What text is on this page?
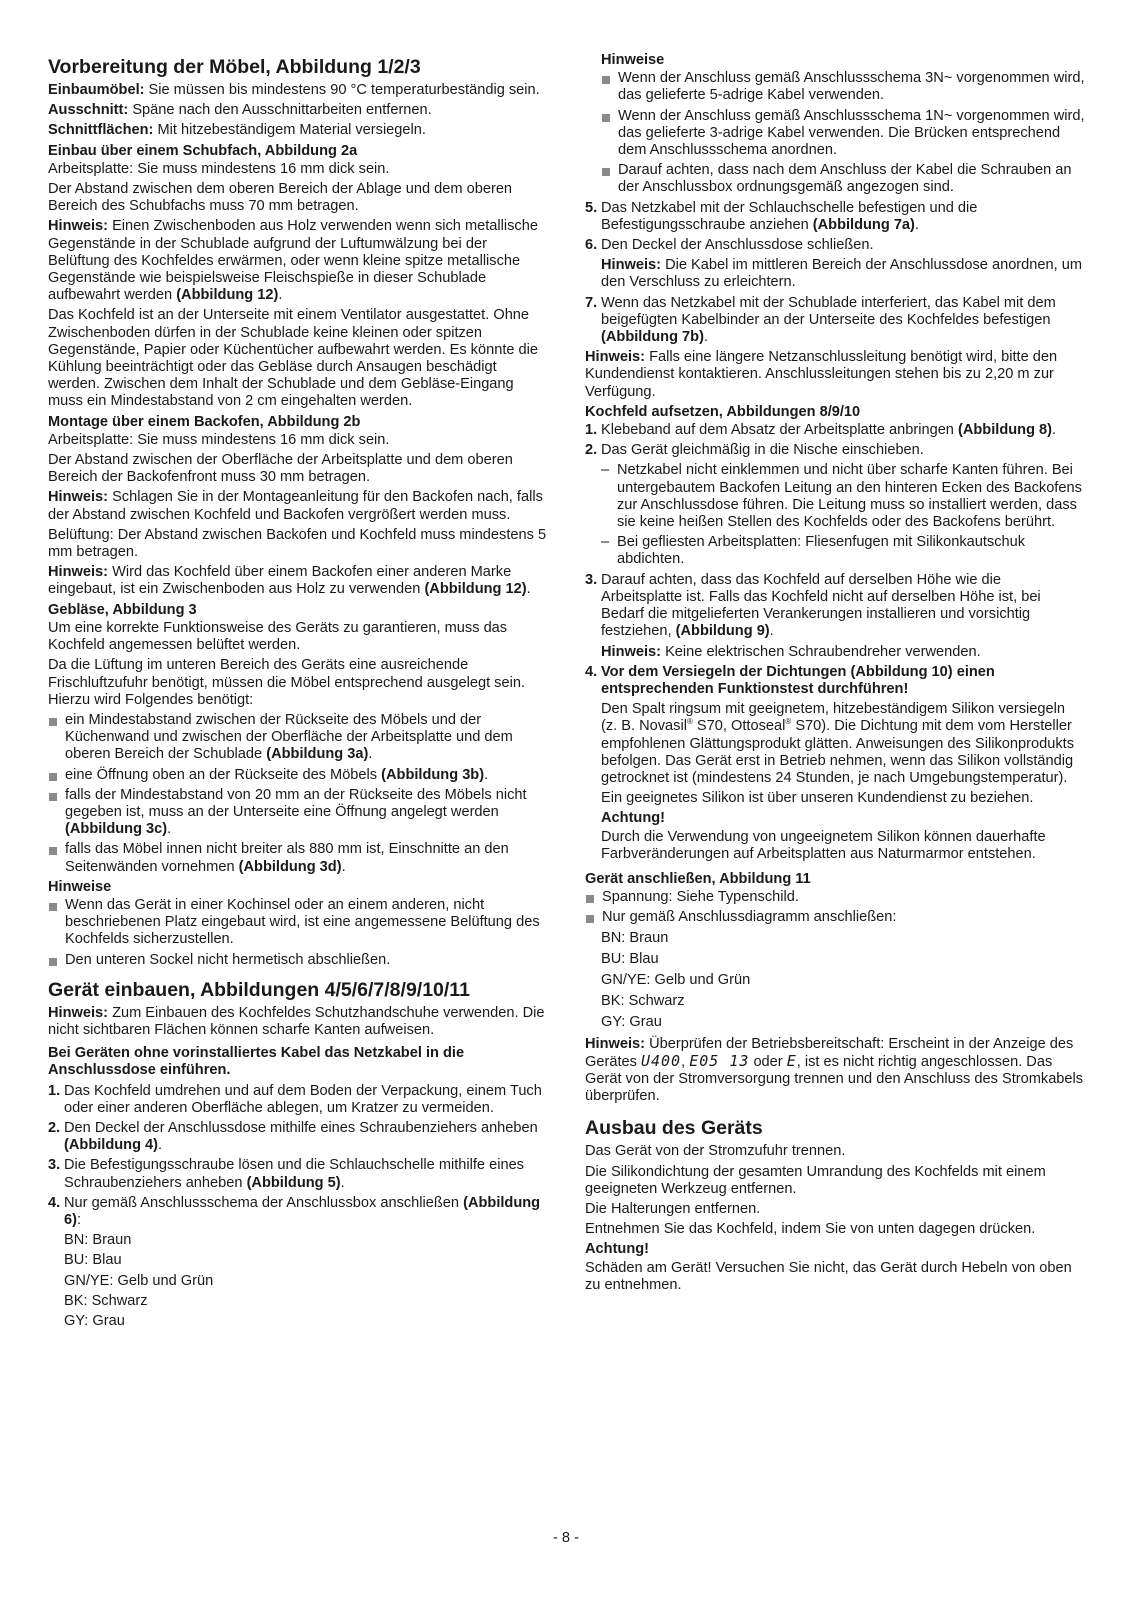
Vorbereitung der Möbel, Abbildung 1/2/3

Einbaumöbel: Sie müssen bis mindestens 90 °C temperaturbeständig sein.

Ausschnitt: Späne nach den Ausschnittarbeiten entfernen.

Schnittflächen: Mit hitzebeständigem Material versiegeln.

Einbau über einem Schubfach, Abbildung 2a

Arbeitsplatte: Sie muss mindestens 16 mm dick sein.

Der Abstand zwischen dem oberen Bereich der Ablage und dem oberen Bereich des Schubfachs muss 70 mm betragen.

Hinweis: Einen Zwischenboden aus Holz verwenden wenn sich metallische Gegenstände in der Schublade aufgrund der Luftumwälzung bei der Belüftung des Kochfeldes erwärmen, oder wenn kleine spitze metallische Gegenstände wie beispielsweise Fleischspieße in dieser Schublade aufbewahrt werden (Abbildung 12).

Das Kochfeld ist an der Unterseite mit einem Ventilator ausgestattet. Ohne Zwischenboden dürfen in der Schublade keine kleinen oder spitzen Gegenstände, Papier oder Küchentücher aufbewahrt werden. Es könnte die Kühlung beeinträchtigt oder das Gebläse durch Ansaugen beschädigt werden. Zwischen dem Inhalt der Schublade und dem Gebläse-Eingang muss ein Mindestabstand von 2 cm eingehalten werden.

Montage über einem Backofen, Abbildung 2b

Arbeitsplatte: Sie muss mindestens 16 mm dick sein.

Der Abstand zwischen der Oberfläche der Arbeitsplatte und dem oberen Bereich der Backofenfront muss 30 mm betragen.

Hinweis: Schlagen Sie in der Montageanleitung für den Backofen nach, falls der Abstand zwischen Kochfeld und Backofen vergrößert werden muss.

Belüftung: Der Abstand zwischen Backofen und Kochfeld muss mindestens 5 mm betragen.

Hinweis: Wird das Kochfeld über einem Backofen einer anderen Marke eingebaut, ist ein Zwischenboden aus Holz zu verwenden (Abbildung 12).

Gebläse, Abbildung 3

Um eine korrekte Funktionsweise des Geräts zu garantieren, muss das Kochfeld angemessen belüftet werden.

Da die Lüftung im unteren Bereich des Geräts eine ausreichende Frischluftzufuhr benötigt, müssen die Möbel entsprechend ausgelegt sein. Hierzu wird Folgendes benötigt:

ein Mindestabstand zwischen der Rückseite des Möbels und der Küchenwand und zwischen der Oberfläche der Arbeitsplatte und dem oberen Bereich der Schublade (Abbildung 3a).
eine Öffnung oben an der Rückseite des Möbels (Abbildung 3b).
falls der Mindestabstand von 20 mm an der Rückseite des Möbels nicht gegeben ist, muss an der Unterseite eine Öffnung angelegt werden (Abbildung 3c).
falls das Möbel innen nicht breiter als 880 mm ist, Einschnitte an den Seitenwänden vornehmen (Abbildung 3d).
Hinweise
Wenn das Gerät in einer Kochinsel oder an einem anderen, nicht beschriebenen Platz eingebaut wird, ist eine angemessene Belüftung des Kochfelds sicherzustellen.
Den unteren Sockel nicht hermetisch abschließen.
Gerät einbauen, Abbildungen 4/5/6/7/8/9/10/11

Hinweis: Zum Einbauen des Kochfeldes Schutzhandschuhe verwenden. Die nicht sichtbaren Flächen können scharfe Kanten aufweisen.

Bei Geräten ohne vorinstalliertes Kabel das Netzkabel in die Anschlussdose einführen.

1. Das Kochfeld umdrehen und auf dem Boden der Verpackung, einem Tuch oder einer anderen Oberfläche ablegen, um Kratzer zu vermeiden.
2. Den Deckel der Anschlussdose mithilfe eines Schraubenziehers anheben (Abbildung 4).
3. Die Befestigungsschraube lösen und die Schlauchschelle mithilfe eines Schraubenziehers anheben (Abbildung 5).
4. Nur gemäß Anschlussschema der Anschlussbox anschließen (Abbildung 6):

BN: Braun

BU: Blau

GN/YE: Gelb und Grün

BK: Schwarz

GY: Grau

Hinweise
Wenn der Anschluss gemäß Anschlussschema 3N~ vorgenommen wird, das gelieferte 5-adrige Kabel verwenden.
Wenn der Anschluss gemäß Anschlussschema 1N~ vorgenommen wird, das gelieferte 3-adrige Kabel verwenden. Die Brücken entsprechend dem Anschlussschema anordnen.
Darauf achten, dass nach dem Anschluss der Kabel die Schrauben an der Anschlussbox ordnungsgemäß angezogen sind.
5. Das Netzkabel mit der Schlauchschelle befestigen und die Befestigungsschraube anziehen (Abbildung 7a).
6. Den Deckel der Anschlussdose schließen.

Hinweis: Die Kabel im mittleren Bereich der Anschlussdose anordnen, um den Verschluss zu erleichtern.

7. Wenn das Netzkabel mit der Schublade interferiert, das Kabel mit dem beigefügten Kabelbinder an der Unterseite des Kochfeldes befestigen (Abbildung 7b).

Hinweis: Falls eine längere Netzanschlussleitung benötigt wird, bitte den Kundendienst kontaktieren. Anschlussleitungen stehen bis zu 2,20 m zur Verfügung.

Kochfeld aufsetzen, Abbildungen 8/9/10
1. Klebeband auf dem Absatz der Arbeitsplatte anbringen (Abbildung 8).
2. Das Gerät gleichmäßig in die Nische einschieben.
– Netzkabel nicht einklemmen und nicht über scharfe Kanten führen. Bei untergebautem Backofen Leitung an den hinteren Ecken des Backofens zur Anschlussdose führen. Die Leitung muss so installiert werden, dass sie keine heißen Stellen des Kochfelds oder des Backofens berührt.
– Bei gefliesten Arbeitsplatten: Fliesenfugen mit Silikonkautschuk abdichten.
3. Darauf achten, dass das Kochfeld auf derselben Höhe wie die Arbeitsplatte ist. Falls das Kochfeld nicht auf derselben Höhe ist, bei Bedarf die mitgelieferten Verankerungen installieren und vorsichtig festziehen, (Abbildung 9).

Hinweis: Keine elektrischen Schraubendreher verwenden.

4. Vor dem Versiegeln der Dichtungen (Abbildung 10) einen entsprechenden Funktionstest durchführen!

Den Spalt ringsum mit geeignetem, hitzebeständigem Silikon versiegeln (z. B. Novasil® S70, Ottoseal® S70). Die Dichtung mit dem vom Hersteller empfohlenen Glättungsprodukt glätten. Anweisungen des Silikonprodukts befolgen. Das Gerät erst in Betrieb nehmen, wenn das Silikon vollständig getrocknet ist (mindestens 24 Stunden, je nach Umgebungstemperatur).

Ein geeignetes Silikon ist über unseren Kundendienst zu beziehen.

Achtung!

Durch die Verwendung von ungeeignetem Silikon können dauerhafte Farbveränderungen auf Arbeitsplatten aus Naturmarmor entstehen.

Gerät anschließen, Abbildung 11
Spannung: Siehe Typenschild.
Nur gemäß Anschlussdiagramm anschließen:

BN: Braun

BU: Blau

GN/YE: Gelb und Grün

BK: Schwarz

GY: Grau

Hinweis: Überprüfen der Betriebsbereitschaft: Erscheint in der Anzeige des Gerätes U400, E05 13 oder E, ist es nicht richtig angeschlossen. Das Gerät von der Stromversorgung trennen und den Anschluss des Stromkabels überprüfen.

Ausbau des Geräts

Das Gerät von der Stromzufuhr trennen.

Die Silikondichtung der gesamten Umrandung des Kochfelds mit einem geeigneten Werkzeug entfernen.

Die Halterungen entfernen.

Entnehmen Sie das Kochfeld, indem Sie von unten dagegen drücken.

Achtung!

Schäden am Gerät! Versuchen Sie nicht, das Gerät durch Hebeln von oben zu entnehmen.

- 8 -
